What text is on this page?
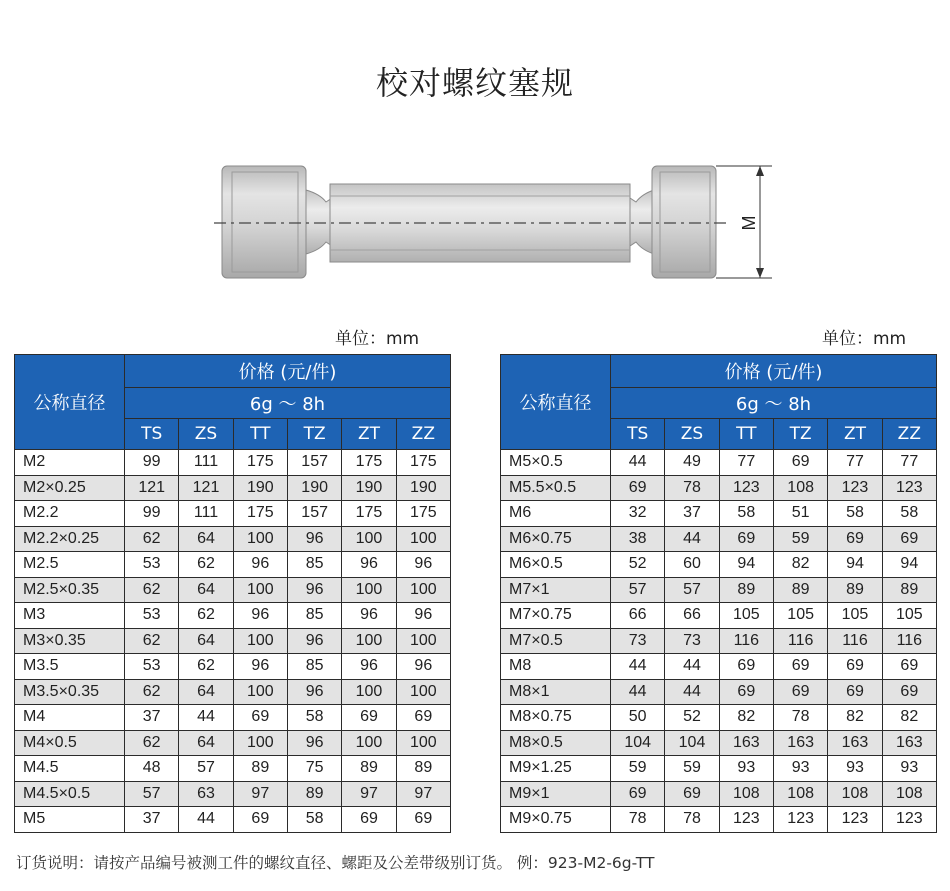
校对螺纹塞规
M
单位：mm	单位：mm
公称直径	价格 (元/件)					
	6g ～ 8h					
	TS	ZS	TT	TZ	ZT	ZZ
M2	99	111	175	157	175	175
M2×0.25	121	121	190	190	190	190
M2.2	99	111	175	157	175	175
M2.2×0.25	62	64	100	96	100	100
M2.5	53	62	96	85	96	96
M2.5×0.35	62	64	100	96	100	100
M3	53	62	96	85	96	96
M3×0.35	62	64	100	96	100	100
M3.5	53	62	96	85	96	96
M3.5×0.35	62	64	100	96	100	100
M4	37	44	69	58	69	69
M4×0.5	62	64	100	96	100	100
M4.5	48	57	89	75	89	89
M4.5×0.5	57	63	97	89	97	97
M5	37	44	69	58	69	69
公称直径	价格 (元/件)					
	6g ～ 8h					
	TS	ZS	TT	TZ	ZT	ZZ
M5×0.5	44	49	77	69	77	77
M5.5×0.5	69	78	123	108	123	123
M6	32	37	58	51	58	58
M6×0.75	38	44	69	59	69	69
M6×0.5	52	60	94	82	94	94
M7×1	57	57	89	89	89	89
M7×0.75	66	66	105	105	105	105
M7×0.5	73	73	116	116	116	116
M8	44	44	69	69	69	69
M8×1	44	44	69	69	69	69
M8×0.75	50	52	82	78	82	82
M8×0.5	104	104	163	163	163	163
M9×1.25	59	59	93	93	93	93
M9×1	69	69	108	108	108	108
M9×0.75	78	78	123	123	123	123
订货说明：请按产品编号被测工件的螺纹直径、螺距及公差带级别订货。 例：923-M2-6g-TT
